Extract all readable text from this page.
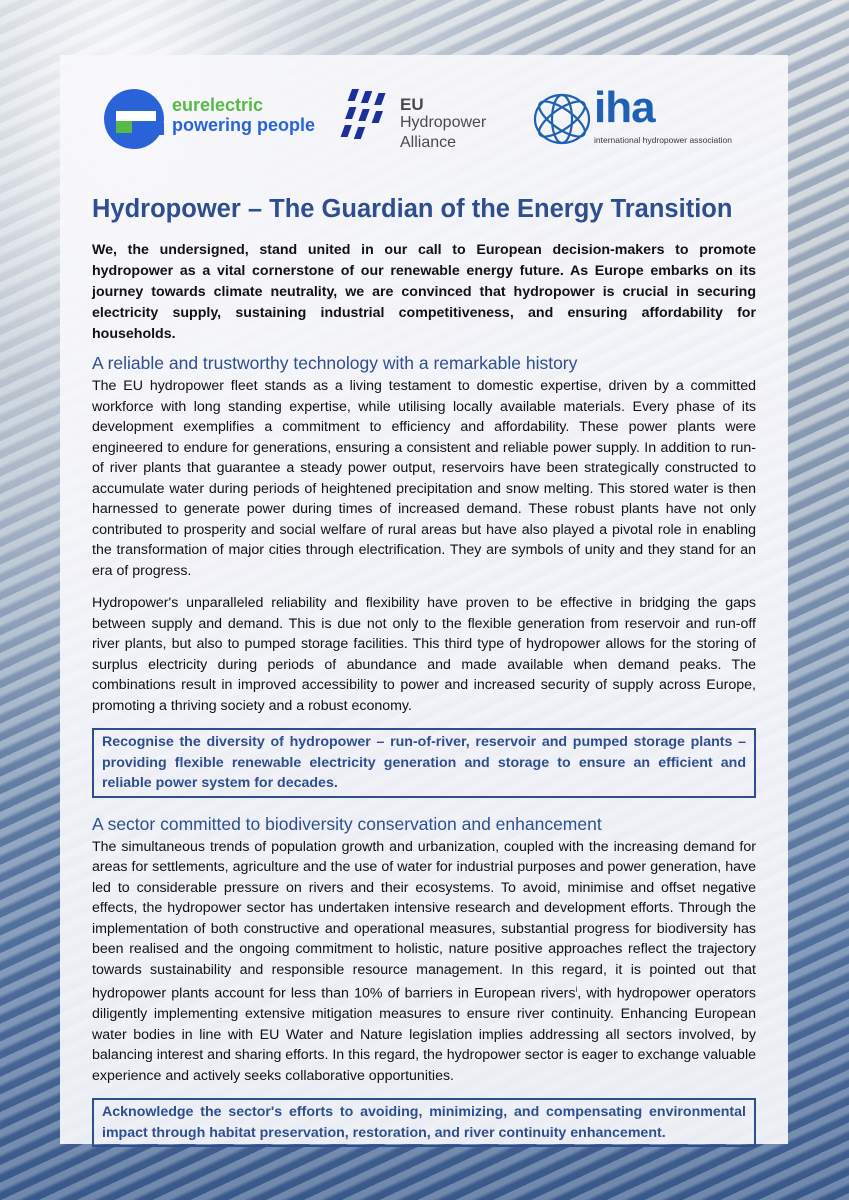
eurelectric
powering people
EU
Hydropower
Alliance
iha
international hydropower association
Hydropower – The Guardian of the Energy Transition

We, the undersigned, stand united in our call to European decision-makers to promote hydropower as a vital cornerstone of our renewable energy future. As Europe embarks on its journey towards climate neutrality, we are convinced that hydropower is crucial in securing electricity supply, sustaining industrial competitiveness, and ensuring affordability for households.

A reliable and trustworthy technology with a remarkable history

The EU hydropower fleet stands as a living testament to domestic expertise, driven by a committed workforce with long standing expertise, while utilising locally available materials. Every phase of its development exemplifies a commitment to efficiency and affordability. These power plants were engineered to endure for generations, ensuring a consistent and reliable power supply. In addition to run-of river plants that guarantee a steady power output, reservoirs have been strategically constructed to accumulate water during periods of heightened precipitation and snow melting. This stored water is then harnessed to generate power during times of increased demand. These robust plants have not only contributed to prosperity and social welfare of rural areas but have also played a pivotal role in enabling the transformation of major cities through electrification. They are symbols of unity and they stand for an era of progress.

Hydropower's unparalleled reliability and flexibility have proven to be effective in bridging the gaps between supply and demand. This is due not only to the flexible generation from reservoir and run-off river plants, but also to pumped storage facilities. This third type of hydropower allows for the storing of surplus electricity during periods of abundance and made available when demand peaks. The combinations result in improved accessibility to power and increased security of supply across Europe, promoting a thriving society and a robust economy.

Recognise the diversity of hydropower – run-of-river, reservoir and pumped storage plants – providing flexible renewable electricity generation and storage to ensure an efficient and reliable power system for decades.
A sector committed to biodiversity conservation and enhancement

The simultaneous trends of population growth and urbanization, coupled with the increasing demand for areas for settlements, agriculture and the use of water for industrial purposes and power generation, have led to considerable pressure on rivers and their ecosystems. To avoid, minimise and offset negative effects, the hydropower sector has undertaken intensive research and development efforts. Through the implementation of both constructive and operational measures, substantial progress for biodiversity has been realised and the ongoing commitment to holistic, nature positive approaches reflect the trajectory towards sustainability and responsible resource management. In this regard, it is pointed out that hydropower plants account for less than 10% of barriers in European rivers$^i$, with hydropower operators diligently implementing extensive mitigation measures to ensure river continuity. Enhancing European water bodies in line with EU Water and Nature legislation implies addressing all sectors involved, by balancing interest and sharing efforts. In this regard, the hydropower sector is eager to exchange valuable experience and actively seeks collaborative opportunities.

Acknowledge the sector's efforts to avoiding, minimizing, and compensating environmental impact through habitat preservation, restoration, and river continuity enhancement.
